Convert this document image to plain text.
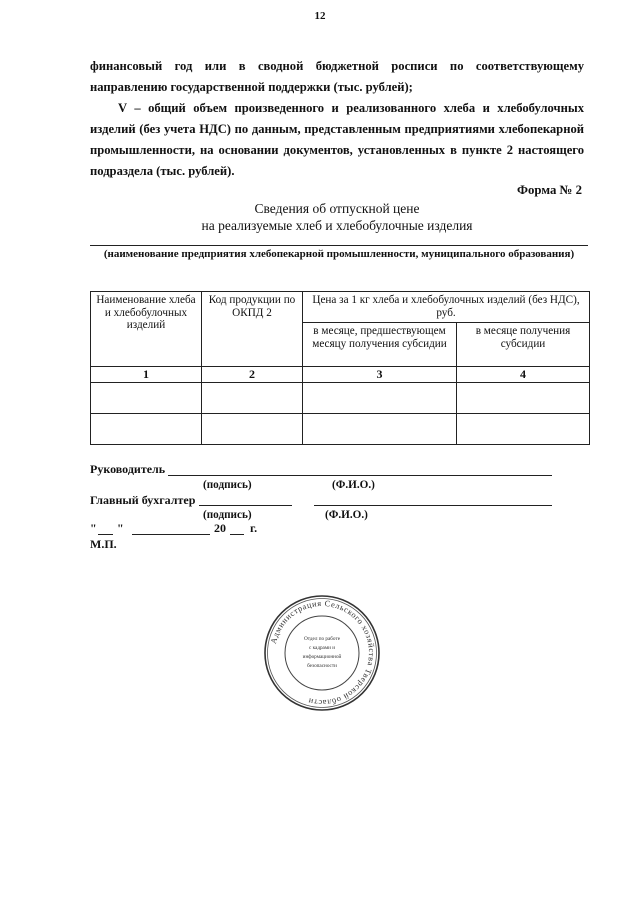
12
финансовый год или в сводной бюджетной росписи по соответствующему направлению государственной поддержки (тыс. рублей);
V – общий объем произведенного и реализованного хлеба и хлебобулочных изделий (без учета НДС) по данным, представленным предприятиями хлебопекарной промышленности, на основании документов, установленных в пункте 2 настоящего подраздела (тыс. рублей).
Форма № 2
Сведения об отпускной цене
на реализуемые хлеб и хлебобулочные изделия
(наименование предприятия хлебопекарной промышленности, муниципального образования)
Наименование хлеба и хлебобулочных изделий	Код продукции по ОКПД 2	Цена за 1 кг хлеба и хлебобулочных изделий (без НДС), руб.	
		в месяце, предшествующем месяцу получения субсидии	в месяце получения субсидии
1	2	3	4

Руководитель
(подпись)	(Ф.И.О.)
Главный бухгалтер
(подпись)	(Ф.И.О.)
" "	20 г.
М.П.
Администрация Сельского хозяйства Тверской области
Отдел по работе
с кадрами и
информационной
безопасности
